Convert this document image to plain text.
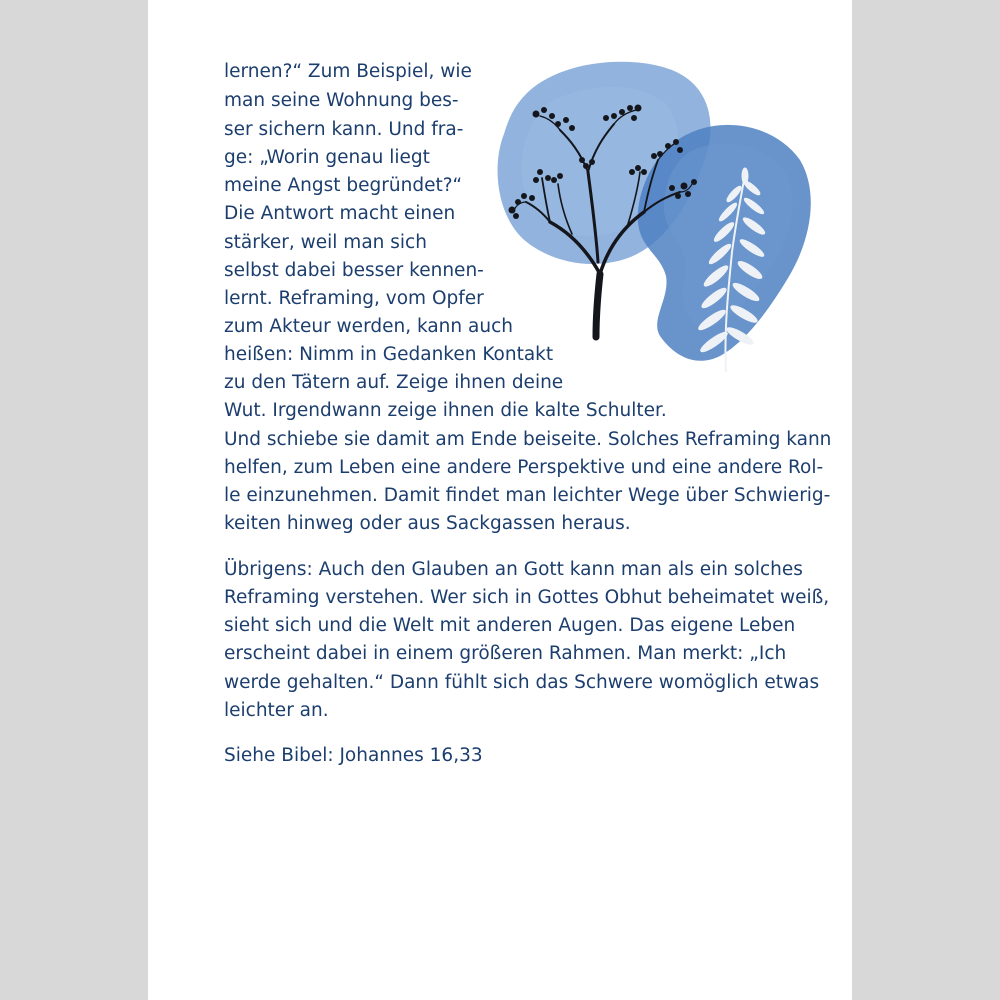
lernen?“ Zum Beispiel, wie
man seine Wohnung bes-
ser sichern kann. Und fra-
ge: „Worin genau liegt
meine Angst begründet?“
Die Antwort macht einen
stärker, weil man sich
selbst dabei besser kennen-
lernt. Reframing, vom Opfer
zum Akteur werden, kann auch
heißen: Nimm in Gedanken Kontakt
zu den Tätern auf. Zeige ihnen deine
Wut. Irgendwann zeige ihnen die kalte Schulter.
Und schiebe sie damit am Ende beiseite. Solches Reframing kann
helfen, zum Leben eine andere Perspektive und eine andere Rol-
le einzunehmen. Damit findet man leichter Wege über Schwierig-
keiten hinweg oder aus Sackgassen heraus.
Übrigens: Auch den Glauben an Gott kann man als ein solches
Reframing verstehen. Wer sich in Gottes Obhut beheimatet weiß,
sieht sich und die Welt mit anderen Augen. Das eigene Leben
erscheint dabei in einem größeren Rahmen. Man merkt: „Ich
werde gehalten.“ Dann fühlt sich das Schwere womöglich etwas
leichter an.
Siehe Bibel: Johannes 16,33
